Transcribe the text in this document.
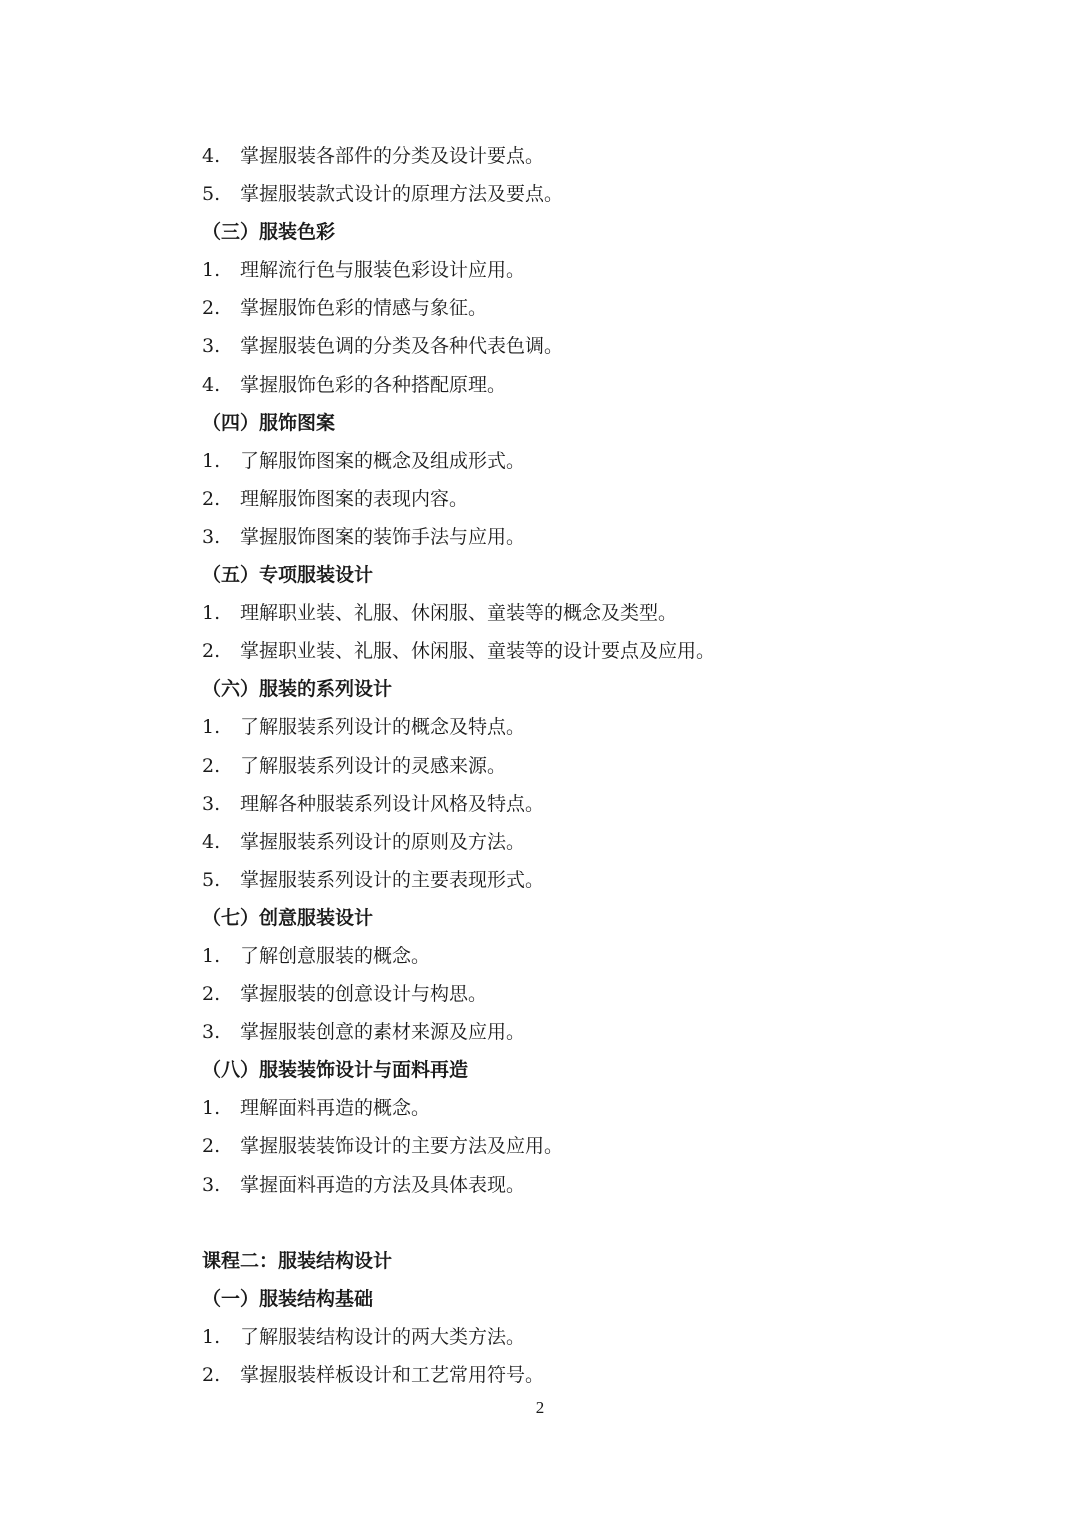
4. 掌握服装各部件的分类及设计要点。
5. 掌握服装款式设计的原理方法及要点。
（三）服装色彩
1. 理解流行色与服装色彩设计应用。
2. 掌握服饰色彩的情感与象征。
3. 掌握服装色调的分类及各种代表色调。
4. 掌握服饰色彩的各种搭配原理。
（四）服饰图案
1. 了解服饰图案的概念及组成形式。
2. 理解服饰图案的表现内容。
3. 掌握服饰图案的装饰手法与应用。
（五）专项服装设计
1. 理解职业装、礼服、休闲服、童装等的概念及类型。
2. 掌握职业装、礼服、休闲服、童装等的设计要点及应用。
（六）服装的系列设计
1. 了解服装系列设计的概念及特点。
2. 了解服装系列设计的灵感来源。
3. 理解各种服装系列设计风格及特点。
4. 掌握服装系列设计的原则及方法。
5. 掌握服装系列设计的主要表现形式。
（七）创意服装设计
1. 了解创意服装的概念。
2. 掌握服装的创意设计与构思。
3. 掌握服装创意的素材来源及应用。
（八）服装装饰设计与面料再造
1. 理解面料再造的概念。
2. 掌握服装装饰设计的主要方法及应用。
3. 掌握面料再造的方法及具体表现。
课程二：服装结构设计
（一）服装结构基础
1. 了解服装结构设计的两大类方法。
2. 掌握服装样板设计和工艺常用符号。
2
